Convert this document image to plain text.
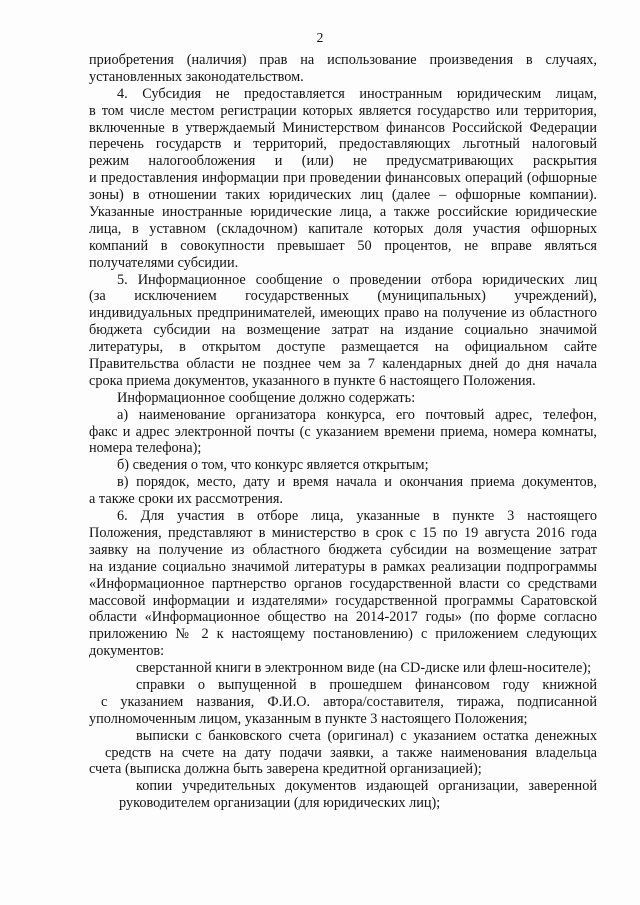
2
приобретения (наличия) прав на использование произведения в случаях,
установленных законодательством.
4. Субсидия не предоставляется иностранным юридическим лицам,
в том числе местом регистрации которых является государство или территория,
включенные в утверждаемый Министерством финансов Российской Федерации
перечень государств и территорий, предоставляющих льготный налоговый
режим налогообложения и (или) не предусматривающих раскрытия
и предоставления информации при проведении финансовых операций (офшорные
зоны) в отношении таких юридических лиц (далее – офшорные компании).
Указанные иностранные юридические лица, а также российские юридические
лица, в уставном (складочном) капитале которых доля участия офшорных
компаний в совокупности превышает 50 процентов, не вправе являться
получателями субсидии.
5. Информационное сообщение о проведении отбора юридических лиц
(за исключением государственных (муниципальных) учреждений),
индивидуальных предпринимателей, имеющих право на получение из областного
бюджета субсидии на возмещение затрат на издание социально значимой
литературы, в открытом доступе размещается на официальном сайте
Правительства области не позднее чем за 7 календарных дней до дня начала
срока приема документов, указанного в пункте 6 настоящего Положения.
Информационное сообщение должно содержать:
а) наименование организатора конкурса, его почтовый адрес, телефон,
факс и адрес электронной почты (с указанием времени приема, номера комнаты,
номера телефона);
б) сведения о том, что конкурс является открытым;
в) порядок, место, дату и время начала и окончания приема документов,
а также сроки их рассмотрения.
6. Для участия в отборе лица, указанные в пункте 3 настоящего
Положения, представляют в министерство в срок с 15 по 19 августа 2016 года
заявку на получение из областного бюджета субсидии на возмещение затрат
на издание социально значимой литературы в рамках реализации подпрограммы
«Информационное партнерство органов государственной власти со средствами
массовой информации и издателями» государственной программы Саратовской
области «Информационное общество на 2014-2017 годы» (по форме согласно
приложению № 2 к настоящему постановлению) с приложением следующих
документов:
сверстанной книги в электронном виде (на CD-диске или флеш-носителе);
справки о выпущенной в прошедшем финансовом году книжной
с указанием названия, Ф.И.О. автора/составителя, тиража, подписанной
уполномоченным лицом, указанным в пункте 3 настоящего Положения;
выписки с банковского счета (оригинал) с указанием остатка денежных
средств на счете на дату подачи заявки, а также наименования владельца
счета (выписка должна быть заверена кредитной организацией);
копии учредительных документов издающей организации, заверенной
руководителем организации (для юридических лиц);
